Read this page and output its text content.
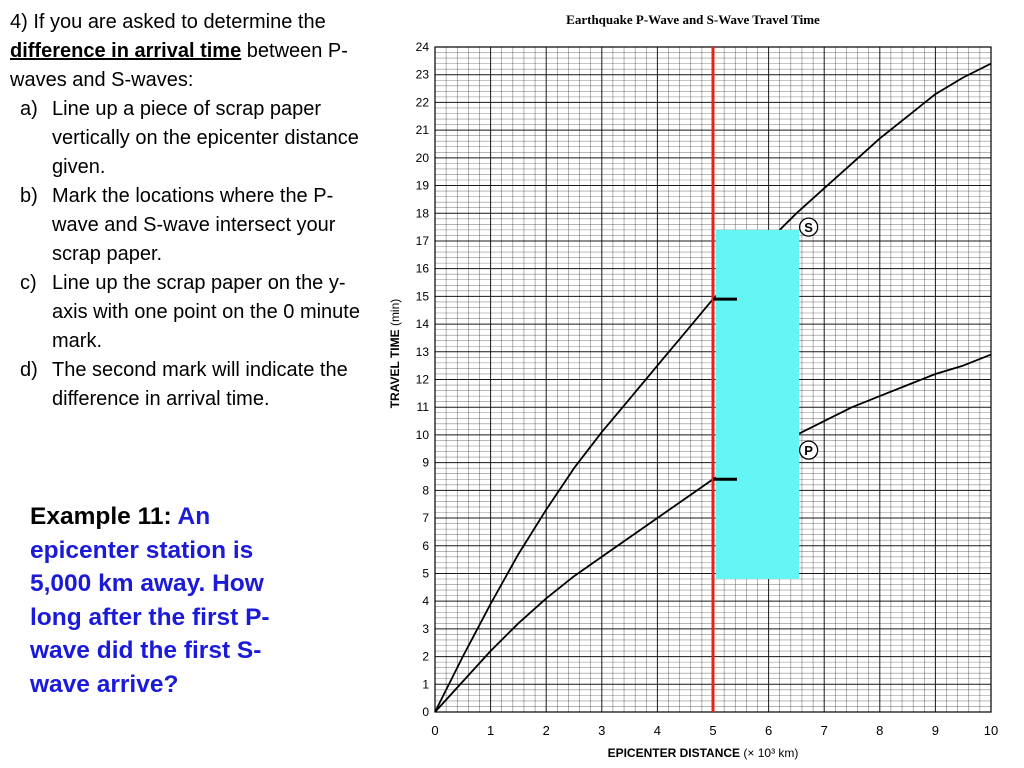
4) If you are asked to determine the difference in arrival time between P-waves and S-waves:

a) Line up a piece of scrap paper vertically on the epicenter distance given.
b) Mark the locations where the P-wave and S-wave intersect your scrap paper.
c) Line up the scrap paper on the y-axis with one point on the 0 minute mark.
d) The second mark will indicate the difference in arrival time.
Example 11: An epicenter station is 5,000 km away. How long after the first P-wave did the first S-wave arrive?
Earthquake P-Wave and S-Wave Travel Time
0	1	2	3	4	5	6	7	8	9	10
0
1
2
3
4
5
6
7
8
9
10
11
12
13
14
15
16
17
18
19
20
21
22
23
24
EPICENTER DISTANCE (× 10³ km)
TRAVEL TIME (min)
S
P
